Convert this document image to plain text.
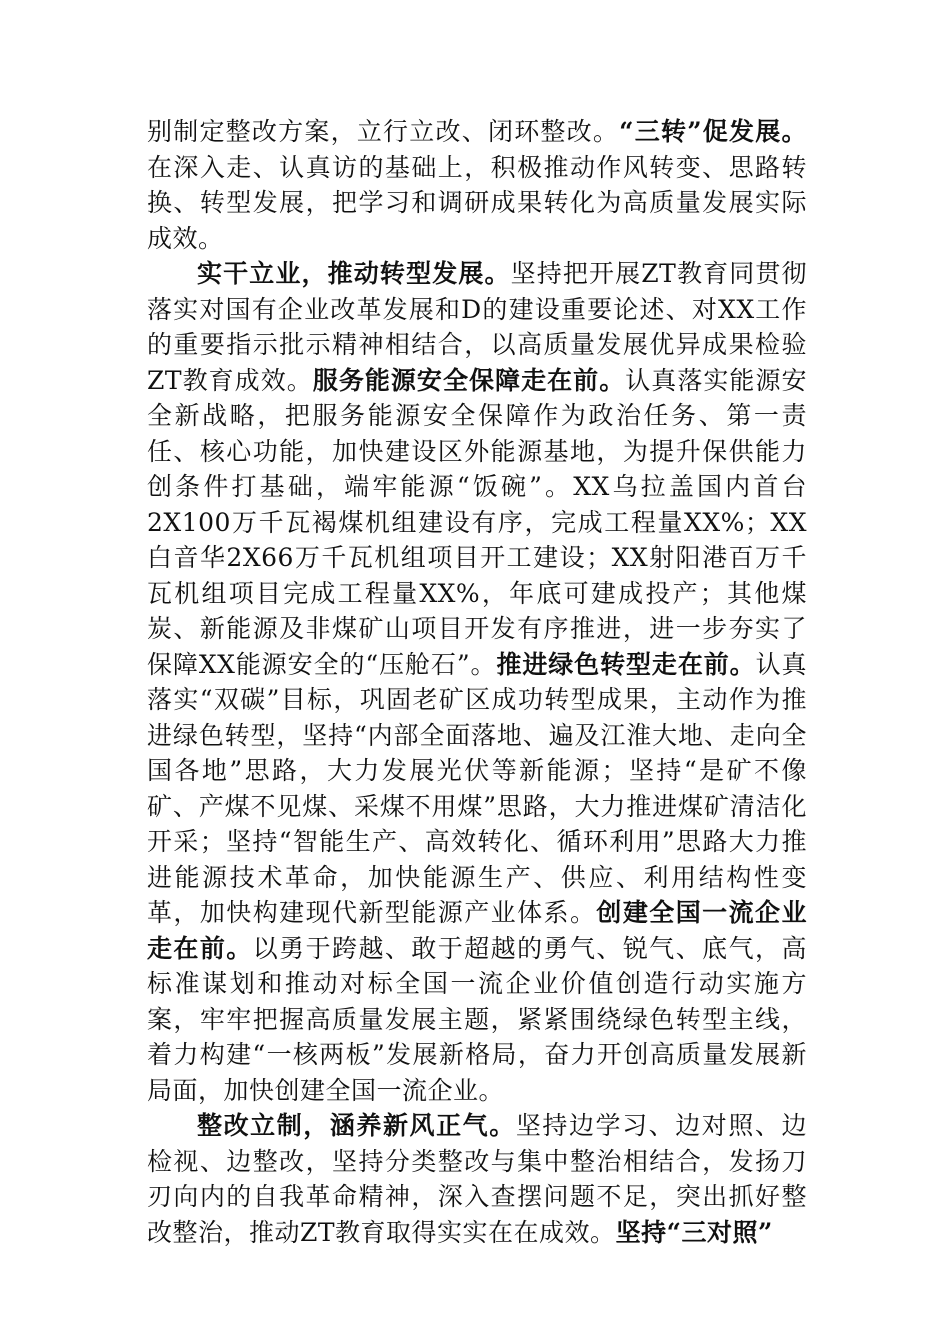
别制定整改方案，立行立改、闭环整改。“三转”促发展。在深入走、认真访的基础上，积极推动作风转变、思路转换、转型发展，把学习和调研成果转化为高质量发展实际成效。

实干立业，推动转型发展。坚持把开展ZT教育同贯彻落实对国有企业改革发展和D的建设重要论述、对XX工作的重要指示批示精神相结合，以高质量发展优异成果检验ZT教育成效。服务能源安全保障走在前。认真落实能源安全新战略，把服务能源安全保障作为政治任务、第一责任、核心功能，加快建设区外能源基地，为提升保供能力创条件打基础，端牢能源“饭碗”。XX乌拉盖国内首台2X100万千瓦褐煤机组建设有序，完成工程量XX%；XX白音华2X66万千瓦机组项目开工建设；XX射阳港百万千瓦机组项目完成工程量XX%，年底可建成投产；其他煤炭、新能源及非煤矿山项目开发有序推进，进一步夯实了保障XX能源安全的“压舱石”。推进绿色转型走在前。认真落实“双碳”目标，巩固老矿区成功转型成果，主动作为推进绿色转型，坚持“内部全面落地、遍及江淮大地、走向全国各地”思路，大力发展光伏等新能源；坚持“是矿不像矿、产煤不见煤、采煤不用煤”思路，大力推进煤矿清洁化开采；坚持“智能生产、高效转化、循环利用”思路大力推进能源技术革命，加快能源生产、供应、利用结构性变革，加快构建现代新型能源产业体系。创建全国一流企业走在前。以勇于跨越、敢于超越的勇气、锐气、底气，高标准谋划和推动对标全国一流企业价值创造行动实施方案，牢牢把握高质量发展主题，紧紧围绕绿色转型主线，着力构建“一核两板”发展新格局，奋力开创高质量发展新局面，加快创建全国一流企业。

整改立制，涵养新风正气。坚持边学习、边对照、边检视、边整改，坚持分类整改与集中整治相结合，发扬刀刃向内的自我革命精神，深入查摆问题不足，突出抓好整改整治，推动ZT教育取得实实在在成效。坚持“三对照”
